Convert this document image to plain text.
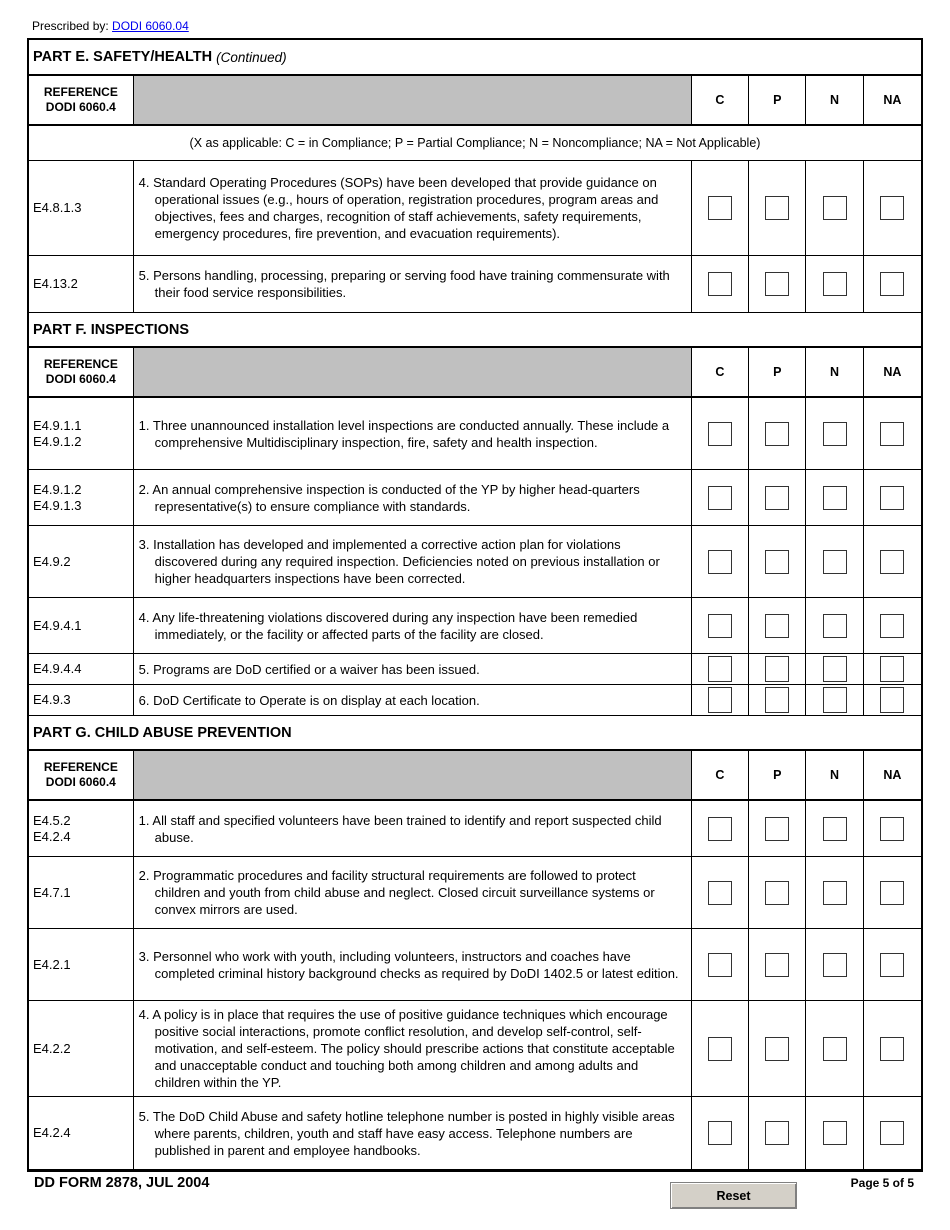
Prescribed by: DODI 6060.04
PART E. SAFETY/HEALTH (Continued)
REFERENCE
DODI 6060.4	C	P	N	NA
(X as applicable: C = in Compliance; P = Partial Compliance; N = Noncompliance; NA = Not Applicable)
E4.8.1.3
4. Standard Operating Procedures (SOPs) have been developed that provide guidance on operational issues (e.g., hours of operation, registration procedures, program areas and objectives, fees and charges, recognition of staff achievements, safety requirements, emergency procedures, fire prevention, and evacuation requirements).
E4.13.2
5. Persons handling, processing, preparing or serving food have training commensurate with their food service responsibilities.
PART F. INSPECTIONS
REFERENCE
DODI 6060.4	C	P	N	NA
E4.9.1.1
E4.9.1.2
1. Three unannounced installation level inspections are conducted annually. These include a comprehensive Multidisciplinary inspection, fire, safety and health inspection.
E4.9.1.2
E4.9.1.3
2. An annual comprehensive inspection is conducted of the YP by higher head-quarters representative(s) to ensure compliance with standards.
E4.9.2
3. Installation has developed and implemented a corrective action plan for violations discovered during any required inspection. Deficiencies noted on previous installation or higher headquarters inspections have been corrected.
E4.9.4.1
4. Any life-threatening violations discovered during any inspection have been remedied immediately, or the facility or affected parts of the facility are closed.
E4.9.4.4	5. Programs are DoD certified or a waiver has been issued.
E4.9.3	6. DoD Certificate to Operate is on display at each location.
PART G. CHILD ABUSE PREVENTION
REFERENCE
DODI 6060.4	C	P	N	NA
E4.5.2
E4.2.4
1. All staff and specified volunteers have been trained to identify and report suspected child abuse.
E4.7.1
2. Programmatic procedures and facility structural requirements are followed to protect children and youth from child abuse and neglect. Closed circuit surveillance systems or convex mirrors are used.
E4.2.1
3. Personnel who work with youth, including volunteers, instructors and coaches have completed criminal history background checks as required by DoDI 1402.5 or latest edition.
E4.2.2
4. A policy is in place that requires the use of positive guidance techniques which encourage positive social interactions, promote conflict resolution, and develop self-control, self-motivation, and self-esteem. The policy should prescribe actions that constitute acceptable and unacceptable conduct and touching both among children and among adults and children within the YP.
E4.2.4
5. The DoD Child Abuse and safety hotline telephone number is posted in highly visible areas where parents, children, youth and staff have easy access. Telephone numbers are published in parent and employee handbooks.
DD FORM 2878, JUL 2004
Reset
Page 5 of 5
